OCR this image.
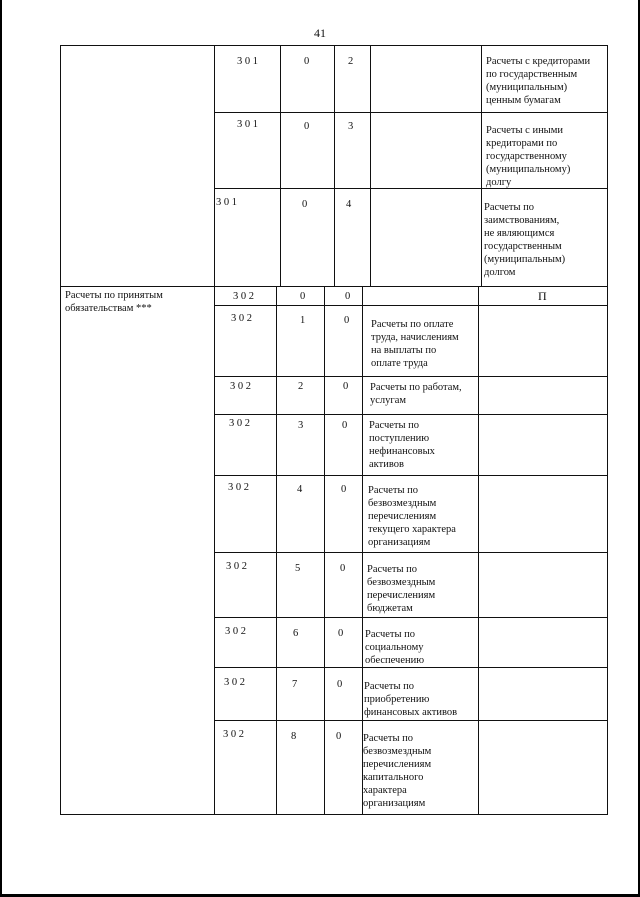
41
Расчеты по принятым
обязательствам ***
3 0 1	0	2	Расчеты с кредиторами
по государственным
(муниципальным)
ценным бумагам
3 0 1	0	3	Расчеты с иными
кредиторами по
государственному
(муниципальному)
долгу
3 0 1	0	4	Расчеты по
заимствованиям,
не являющимся
государственным
(муниципальным)
долгом
3 0 2	0	0	П
3 0 2	1	0 Расчеты по оплате
труда, начислениям
на выплаты по
оплате труда
3 0 2	2	0 Расчеты по работам,
услугам
3 0 2	3	0 Расчеты по
поступлению
нефинансовых
активов
3 0 2	4	0 Расчеты по
безвозмездным
перечислениям
текущего характера
организациям
3 0 2	5	0 Расчеты по
безвозмездным
перечислениям
бюджетам
3 0 2	6	0 Расчеты по
социальному
обеспечению
3 0 2	7	0 Расчеты по
приобретению
финансовых активов
3 0 2	8	0 Расчеты по
безвозмездным
перечислениям
капитального
характера
организациям
